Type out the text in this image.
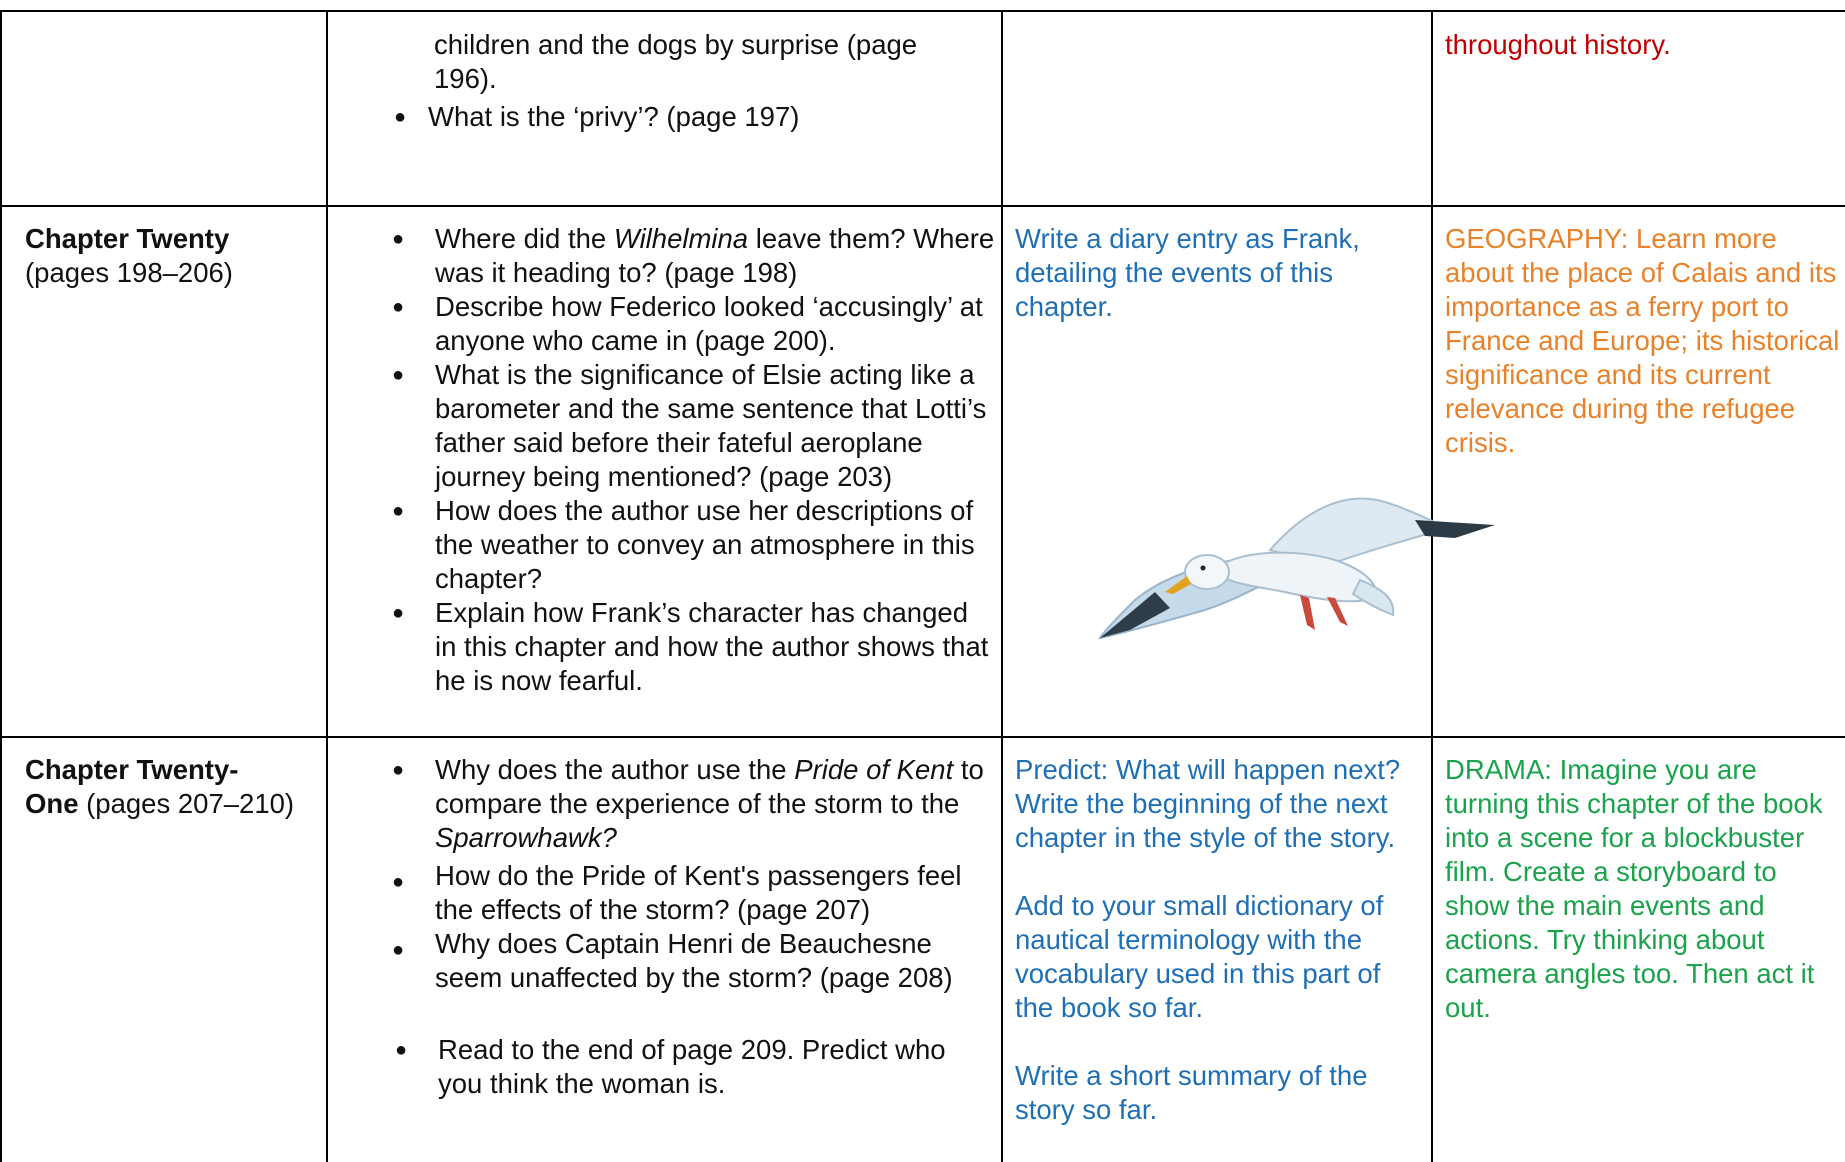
children and the dogs by surprise (page 196).
● What is the ‘privy’? (page 197)
throughout history.
Chapter Twenty
(pages 198–206)
● Where did the Wilhelmina leave them? Where was it heading to? (page 198)
● Describe how Federico looked ‘accusingly’ at anyone who came in (page 200).
● What is the significance of Elsie acting like a barometer and the same sentence that Lotti’s father said before their fateful aeroplane journey being mentioned? (page 203)
● How does the author use her descriptions of the weather to convey an atmosphere in this chapter?
● Explain how Frank’s character has changed in this chapter and how the author shows that he is now fearful.
Write a diary entry as Frank, detailing the events of this chapter.
GEOGRAPHY: Learn more about the place of Calais and its importance as a ferry port to France and Europe; its historical significance and its current relevance during the refugee crisis.
Chapter Twenty-
One (pages 207–210)
● Why does the author use the Pride of Kent to compare the experience of the storm to the Sparrowhawk?
● How do the Pride of Kent's passengers feel the effects of the storm? (page 207)
● Why does Captain Henri de Beauchesne seem unaffected by the storm? (page 208)
● Read to the end of page 209. Predict who you think the woman is.
Predict: What will happen next? Write the beginning of the next chapter in the style of the story.
Add to your small dictionary of nautical terminology with the vocabulary used in this part of the book so far.
Write a short summary of the story so far.
DRAMA: Imagine you are turning this chapter of the book into a scene for a blockbuster film. Create a storyboard to show the main events and actions. Try thinking about camera angles too. Then act it out.
